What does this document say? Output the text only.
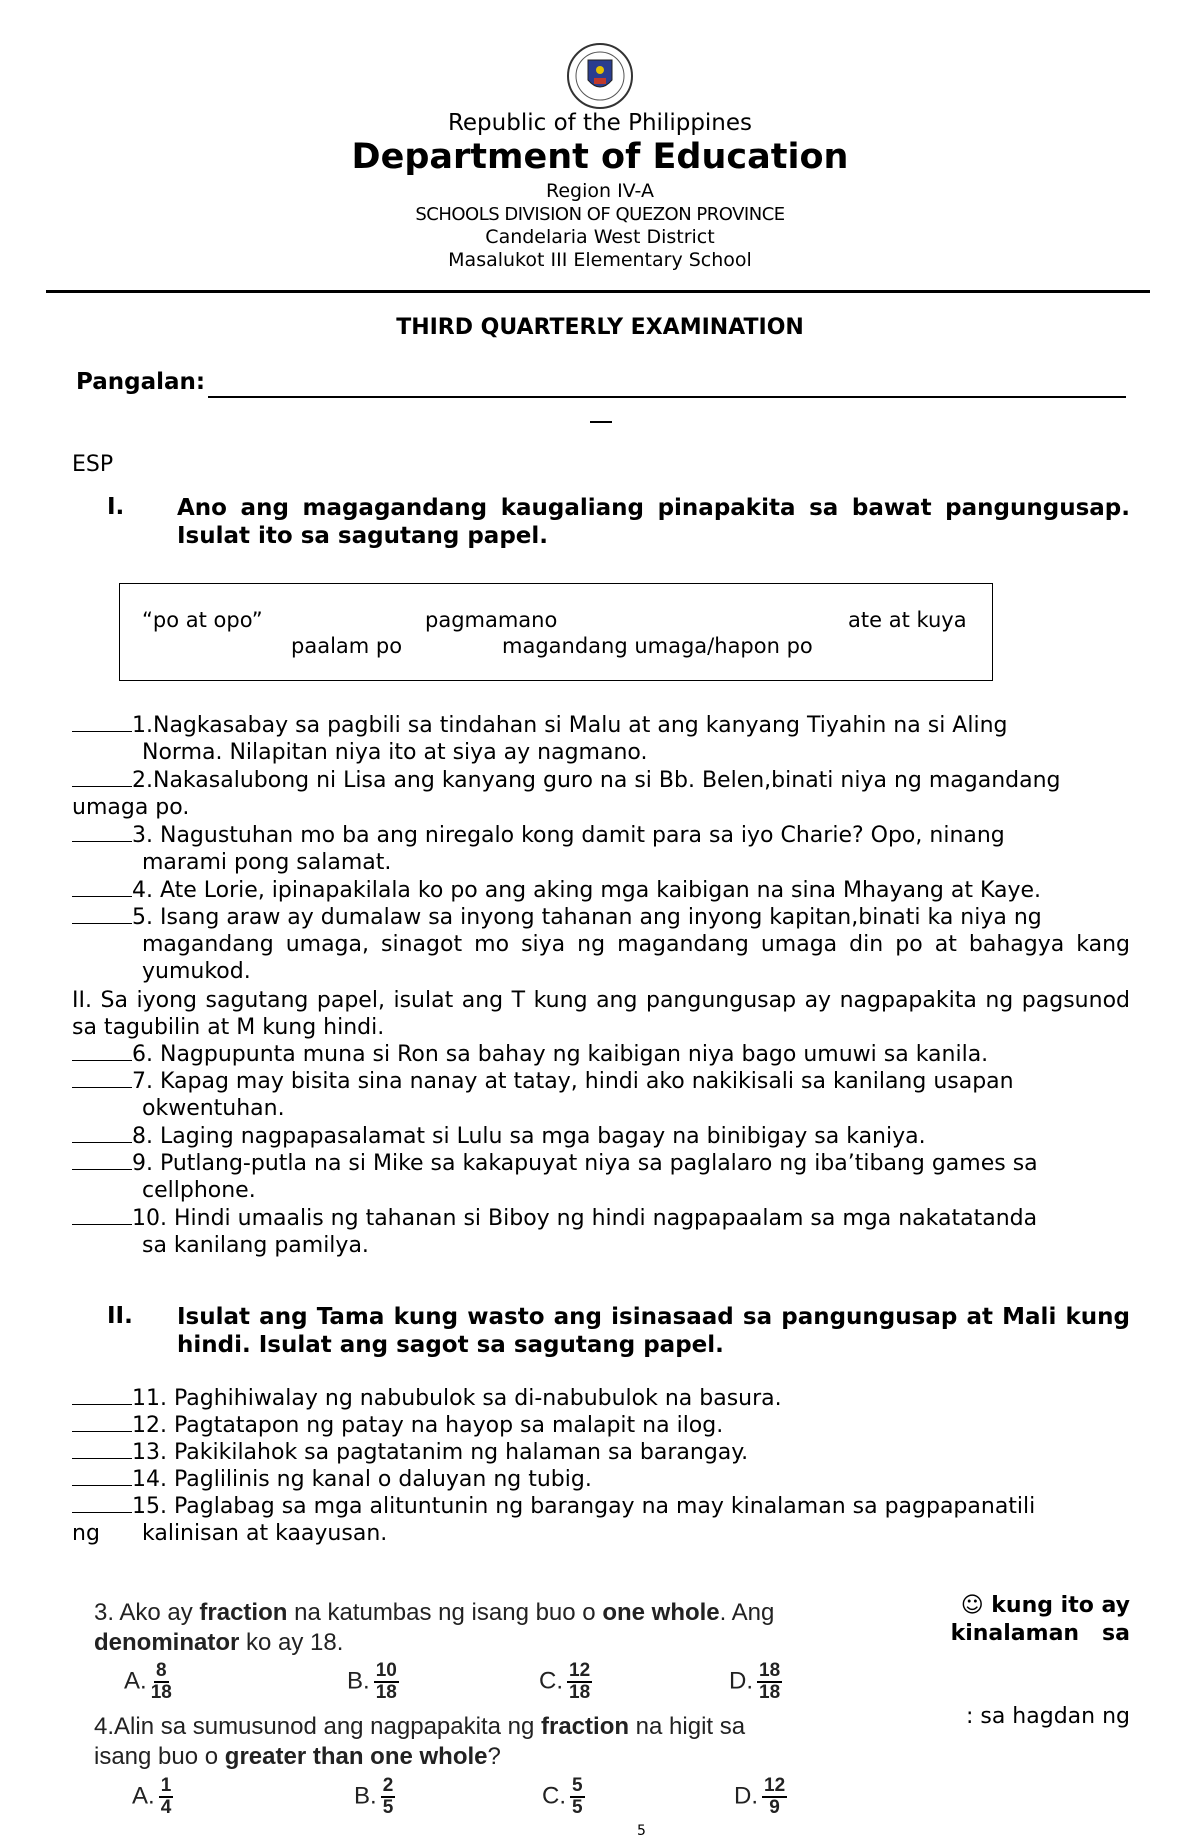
Republic of the Philippines
Department of Education
Region IV-A
SCHOOLS DIVISION OF QUEZON PROVINCE
Candelaria West District
Masalukot III Elementary School
THIRD QUARTERLY EXAMINATION
Pangalan:
ESP
I. Ano ang magagandang kaugaliang pinapakita sa bawat pangungusap. Isulat ito sa sagutang papel.
“po at opo”	pagmamano	ate at kuya
paalam po	magandang umaga/hapon po
1.Nagkasabay sa pagbili sa tindahan si Malu at ang kanyang Tiyahin na si Aling
Norma. Nilapitan niya ito at siya ay nagmano.
2.Nakasalubong ni Lisa ang kanyang guro na si Bb. Belen,binati niya ng magandang
umaga po.
3. Nagustuhan mo ba ang niregalo kong damit para sa iyo Charie? Opo, ninang
marami pong salamat.
4. Ate Lorie, ipinapakilala ko po ang aking mga kaibigan na sina Mhayang at Kaye.
5. Isang araw ay dumalaw sa inyong tahanan ang inyong kapitan,binati ka niya ng
magandang umaga, sinagot mo siya ng magandang umaga din po at bahagya kang yumukod.
II. Sa iyong sagutang papel, isulat ang T kung ang pangungusap ay nagpapakita ng pagsunod sa tagubilin at M kung hindi.
6. Nagpupunta muna si Ron sa bahay ng kaibigan niya bago umuwi sa kanila.
7. Kapag may bisita sina nanay at tatay, hindi ako nakikisali sa kanilang usapan
okwentuhan.
8. Laging nagpapasalamat si Lulu sa mga bagay na binibigay sa kaniya.
9. Putlang-putla na si Mike sa kakapuyat niya sa paglalaro ng iba’tibang games sa
cellphone.
10. Hindi umaalis ng tahanan si Biboy ng hindi nagpapaalam sa mga nakatatanda
sa kanilang pamilya.
II. Isulat ang Tama kung wasto ang isinasaad sa pangungusap at Mali kung hindi. Isulat ang sagot sa sagutang papel.
11. Paghihiwalay ng nabubulok sa di-nabubulok na basura.
12. Pagtatapon ng patay na hayop sa malapit na ilog.
13. Pakikilahok sa pagtatanim ng halaman sa barangay.
14. Paglilinis ng kanal o daluyan ng tubig.
15. Paglabag sa mga alituntunin ng barangay na may kinalaman sa pagpapanatili
ng kalinisan at kaayusan.
3. Ako ay fraction na katumbas ng isang buo o one whole. Ang
denominator ko ay 18.
A. $\frac{8}{18}$	B. $\frac{10}{18}$	C. $\frac{12}{18}$	D. $\frac{18}{18}$
4.Alin sa sumusunod ang nagpapakita ng fraction na higit sa
isang buo o greater than one whole?
A. $\frac{1}{4}$	B. $\frac{2}{5}$	C. $\frac{5}{5}$	D. $\frac{12}{9}$
5
☺ kung ito ay
kinalaman   sa
: sa hagdan ng
